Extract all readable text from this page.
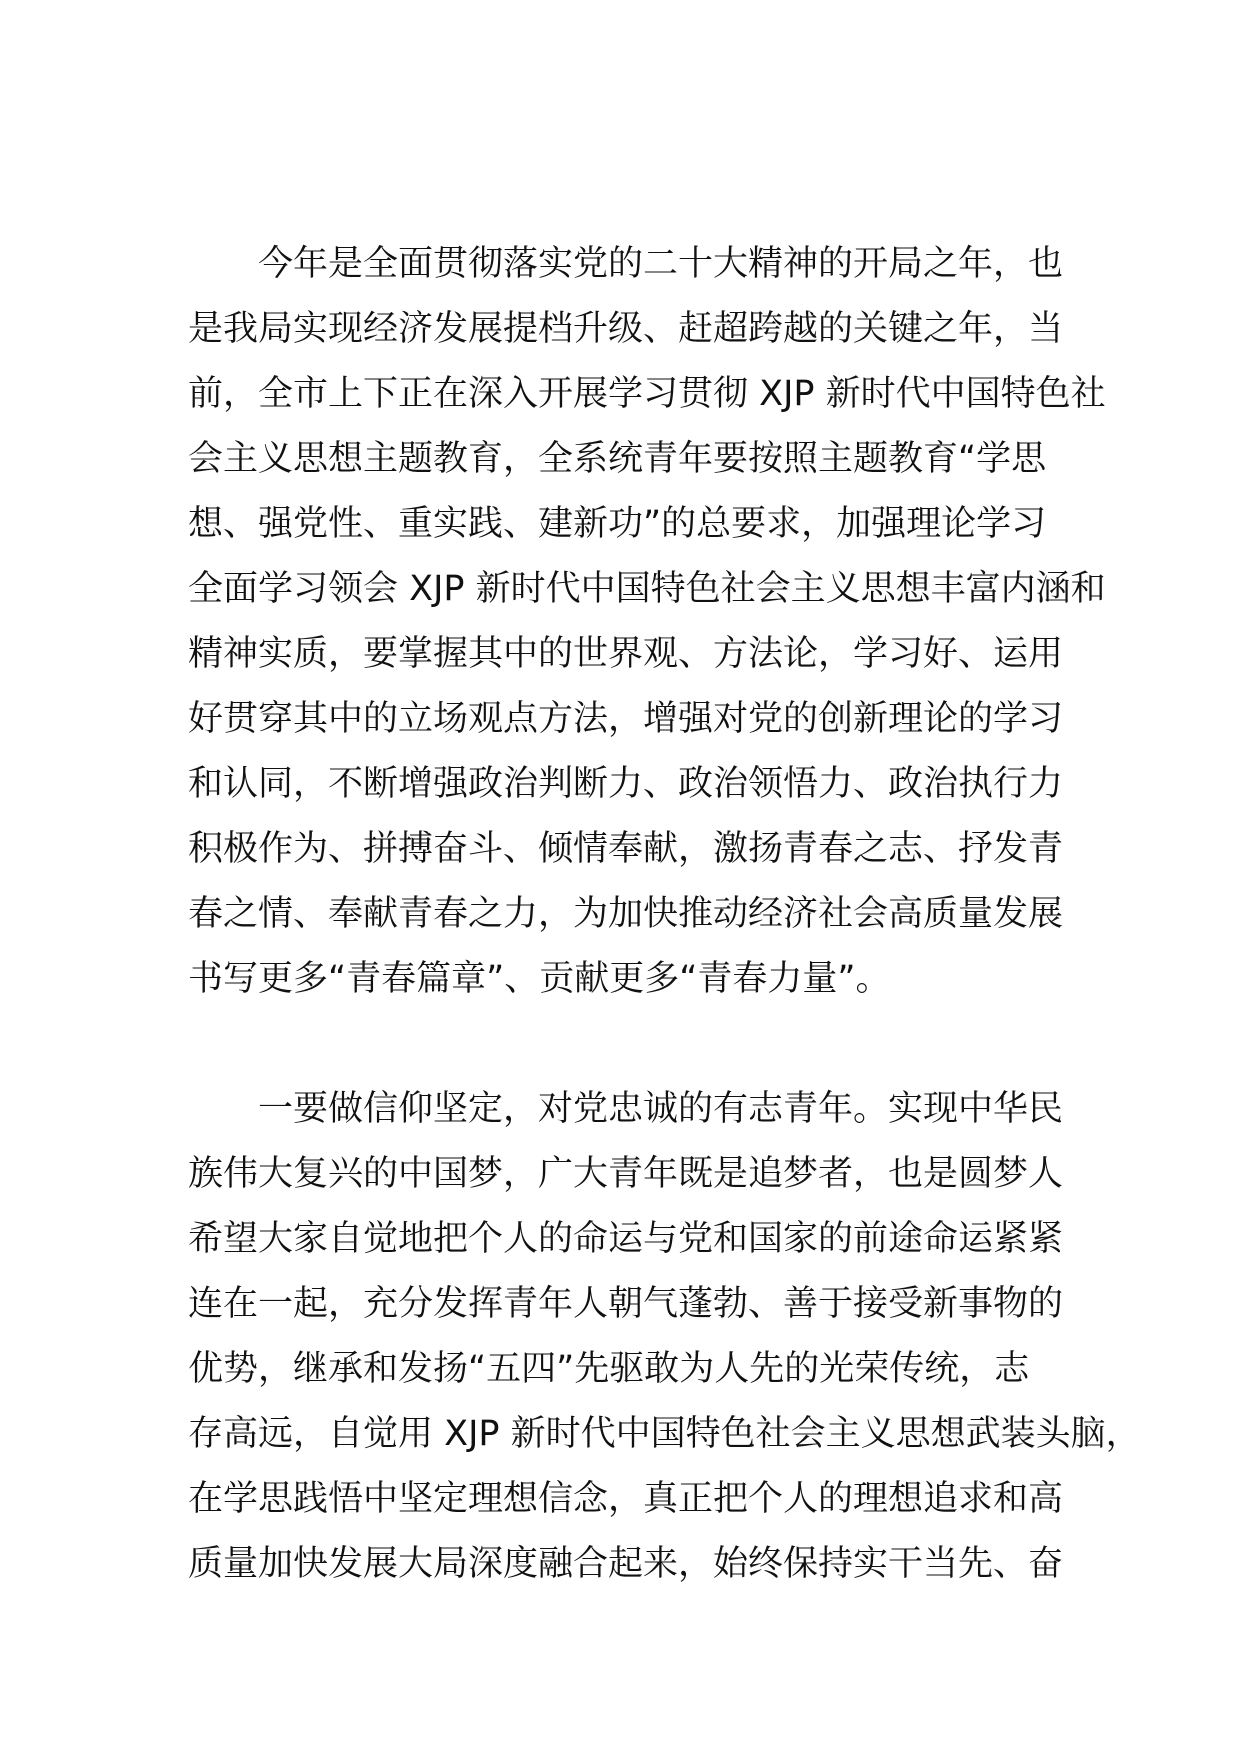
今年是全面贯彻落实党的二十大精神的开局之年，也
是我局实现经济发展提档升级、赶超跨越的关键之年，当
前，全市上下正在深入开展学习贯彻 XJP 新时代中国特色社
会主义思想主题教育，全系统青年要按照主题教育“学思
想、强党性、重实践、建新功”的总要求，加强理论学习
全面学习领会 XJP 新时代中国特色社会主义思想丰富内涵和
精神实质，要掌握其中的世界观、方法论，学习好、运用
好贯穿其中的立场观点方法，增强对党的创新理论的学习
和认同，不断增强政治判断力、政治领悟力、政治执行力
积极作为、拼搏奋斗、倾情奉献，激扬青春之志、抒发青
春之情、奉献青春之力，为加快推动经济社会高质量发展
书写更多“青春篇章”、贡献更多“青春力量”。
一要做信仰坚定，对党忠诚的有志青年。实现中华民
族伟大复兴的中国梦，广大青年既是追梦者，也是圆梦人
希望大家自觉地把个人的命运与党和国家的前途命运紧紧
连在一起，充分发挥青年人朝气蓬勃、善于接受新事物的
优势，继承和发扬“五四”先驱敢为人先的光荣传统，志
存高远，自觉用 XJP 新时代中国特色社会主义思想武装头脑，
在学思践悟中坚定理想信念，真正把个人的理想追求和高
质量加快发展大局深度融合起来，始终保持实干当先、奋
